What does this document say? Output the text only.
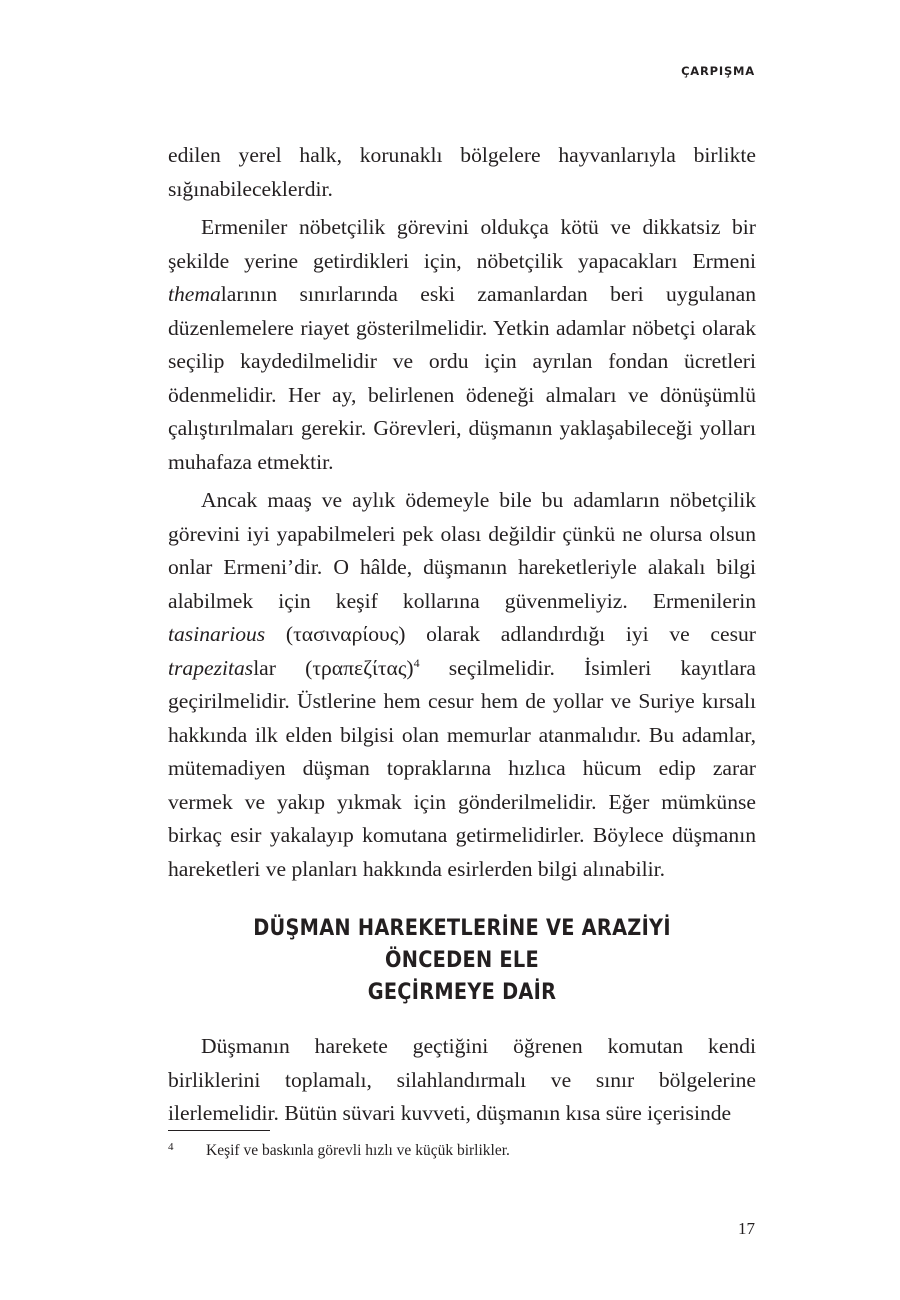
ÇARPIŞMA

edilen yerel halk, korunaklı bölgelere hayvanlarıyla birlikte sığınabileceklerdir.

Ermeniler nöbetçilik görevini oldukça kötü ve dikkatsiz bir şekilde yerine getirdikleri için, nöbetçilik yapacakları Ermeni themalarının sınırlarında eski zamanlardan beri uygulanan düzenlemelere riayet gösterilmelidir. Yetkin adamlar nöbetçi olarak seçilip kaydedilmelidir ve ordu için ayrılan fondan ücretleri ödenmelidir. Her ay, belirlenen ödeneği almaları ve dönüşümlü çalıştırılmaları gerekir. Görevleri, düşmanın yaklaşabileceği yolları muhafaza etmektir.

Ancak maaş ve aylık ödemeyle bile bu adamların nöbetçilik görevini iyi yapabilmeleri pek olası değildir çünkü ne olursa olsun onlar Ermeni’dir. O hâlde, düşmanın hareketleriyle alakalı bilgi alabilmek için keşif kollarına güvenmeliyiz. Ermenilerin tasinarious (τασιναρίους) olarak adlandırdığı iyi ve cesur trapezitaslar (τραπεζίτας)$^4$ seçilmelidir. İsimleri kayıtlara geçirilmelidir. Üstlerine hem cesur hem de yollar ve Suriye kırsalı hakkında ilk elden bilgisi olan memurlar atanmalıdır. Bu adamlar, mütemadiyen düşman topraklarına hızlıca hücum edip zarar vermek ve yakıp yıkmak için gönderilmelidir. Eğer mümkünse birkaç esir yakalayıp komutana getirmelidirler. Böylece düşmanın hareketleri ve planları hakkında esirlerden bilgi alınabilir.

DÜŞMAN HAREKETLERİNE VE ARAZİYİ ÖNCEDEN ELE
GEÇİRMEYE DAİR

Düşmanın harekete geçtiğini öğrenen komutan kendi birliklerini toplamalı, silahlandırmalı ve sınır bölgelerine ilerlemelidir. Bütün süvari kuvveti, düşmanın kısa süre içerisinde

4 Keşif ve baskınla görevli hızlı ve küçük birlikler.
17
